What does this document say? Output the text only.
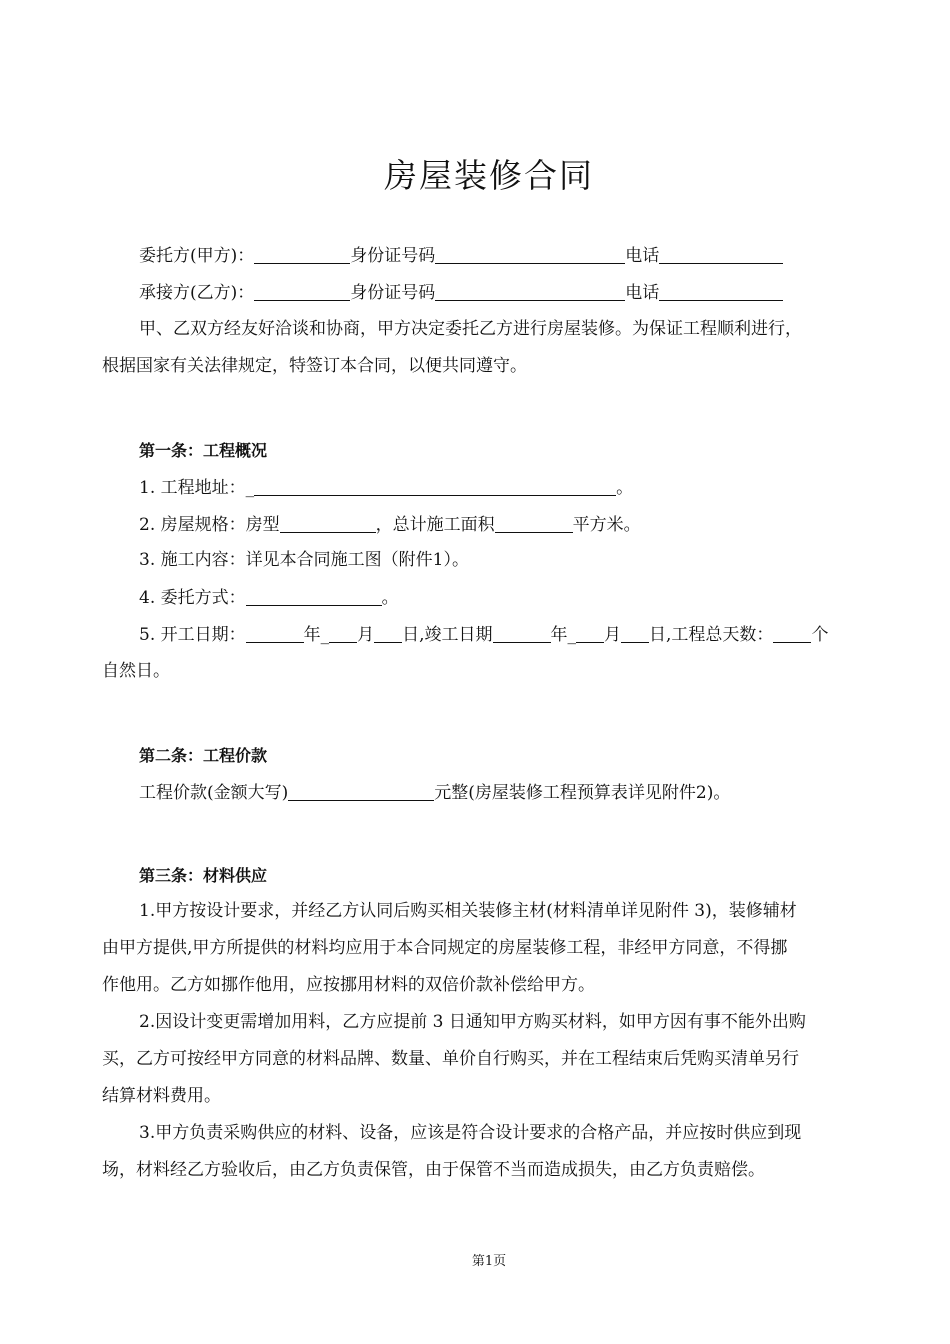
房屋装修合同
委托方(甲方)：	身份证号码	电话
承接方(乙方)：	身份证号码	电话
甲、乙双方经友好洽谈和协商，甲方决定委托乙方进行房屋装修。为保证工程顺利进行，
根据国家有关法律规定，特签订本合同，以便共同遵守。
第一条：工程概况
1. 工程地址：_	。
2. 房屋规格：房型	，总计施工面积	平方米。
3. 施工内容：详见本合同施工图（附件1）。
4. 委托方式：	。
5. 开工日期：	年_ 月 日,竣工日期	年_ 月 日,工程总天数： 个
自然日。
第二条：工程价款
工程价款(金额大写)	元整(房屋装修工程预算表详见附件2)。
第三条：材料供应
1.甲方按设计要求，并经乙方认同后购买相关装修主材(材料清单详见附件 3)，装修辅材
由甲方提供,甲方所提供的材料均应用于本合同规定的房屋装修工程，非经甲方同意，不得挪
作他用。乙方如挪作他用，应按挪用材料的双倍价款补偿给甲方。
2.因设计变更需增加用料，乙方应提前 3 日通知甲方购买材料，如甲方因有事不能外出购
买，乙方可按经甲方同意的材料品牌、数量、单价自行购买，并在工程结束后凭购买清单另行
结算材料费用。
3.甲方负责采购供应的材料、设备，应该是符合设计要求的合格产品，并应按时供应到现
场，材料经乙方验收后，由乙方负责保管，由于保管不当而造成损失，由乙方负责赔偿。
第1页
